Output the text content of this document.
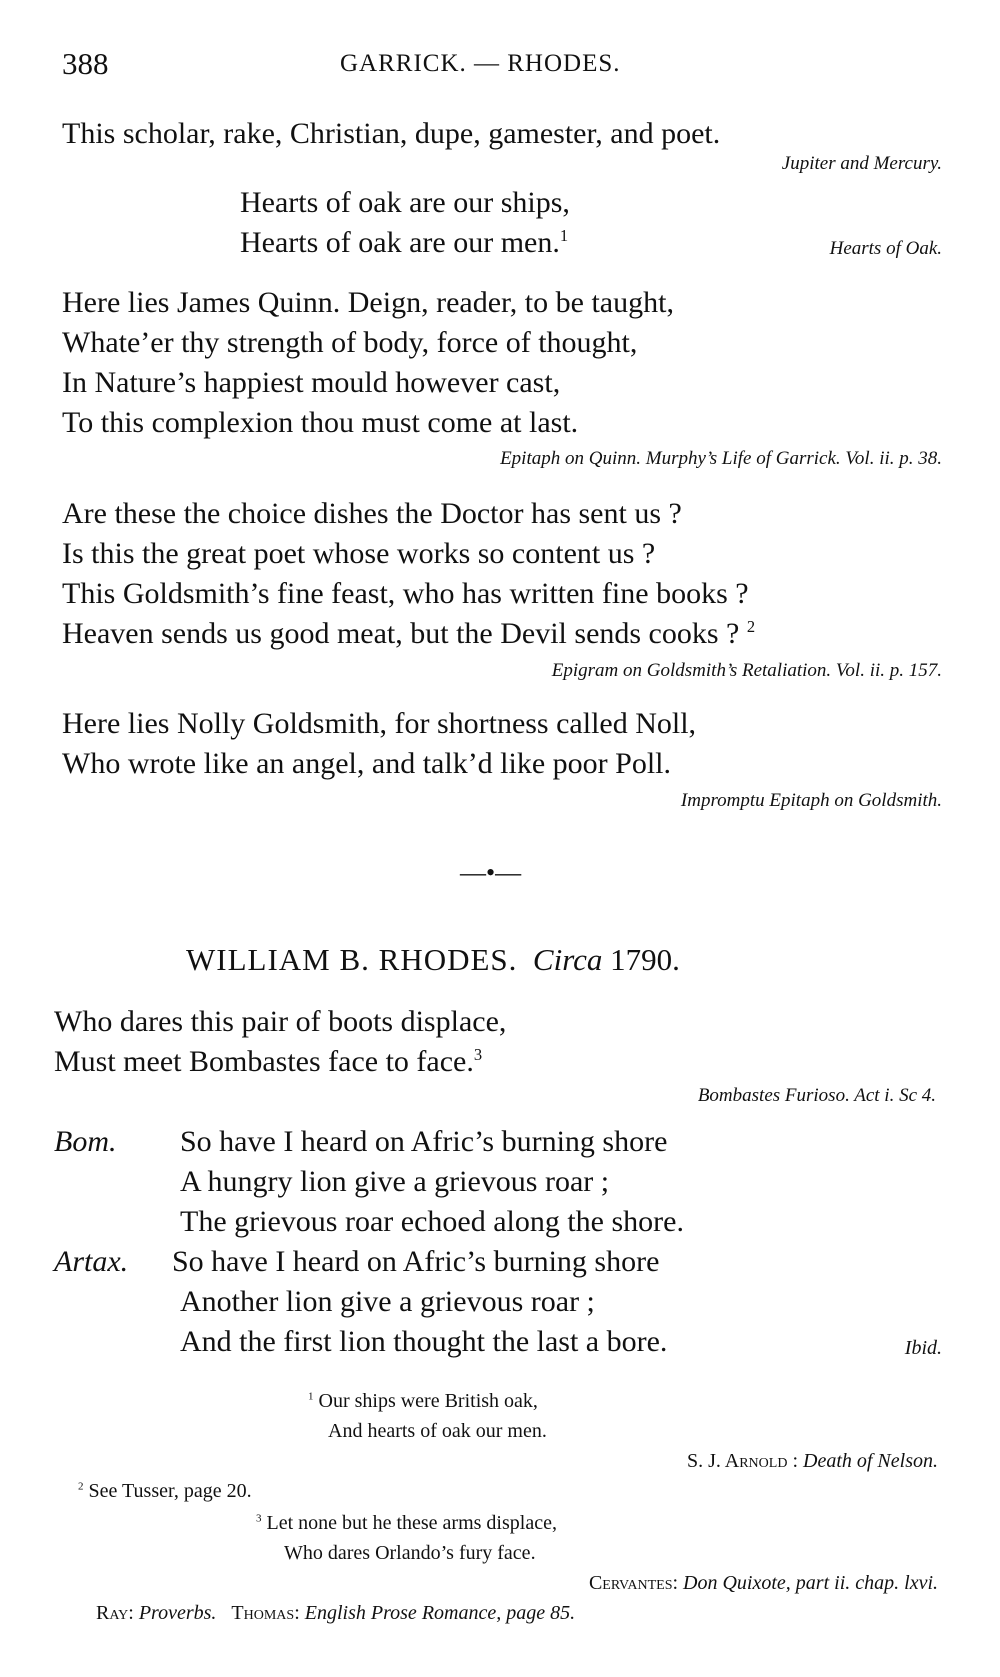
388	GARRICK. — RHODES.
This scholar, rake, Christian, dupe, gamester, and poet.
Jupiter and Mercury.
Hearts of oak are our ships,
Hearts of oak are our men.$^1$
Hearts of Oak.
Here lies James Quinn. Deign, reader, to be taught,
Whate’er thy strength of body, force of thought,
In Nature’s happiest mould however cast,
To this complexion thou must come at last.
Epitaph on Quinn. Murphy’s Life of Garrick. Vol. ii. p. 38.
Are these the choice dishes the Doctor has sent us ?
Is this the great poet whose works so content us ?
This Goldsmith’s fine feast, who has written fine books ?
Heaven sends us good meat, but the Devil sends cooks ? $^2$
Epigram on Goldsmith’s Retaliation. Vol. ii. p. 157.
Here lies Nolly Goldsmith, for shortness called Noll,
Who wrote like an angel, and talk’d like poor Poll.
Impromptu Epitaph on Goldsmith.
—•—
WILLIAM B. RHODES. Circa 1790.
Who dares this pair of boots displace,
Must meet Bombastes face to face.$^3$
Bombastes Furioso. Act i. Sc 4.
Bom. So have I heard on Afric’s burning shore
A hungry lion give a grievous roar ;
The grievous roar echoed along the shore.
Artax. So have I heard on Afric’s burning shore
Another lion give a grievous roar ;
And the first lion thought the last a bore.	Ibid.
$^1$ Our ships were British oak,
And hearts of oak our men.
S. J. Arnold : Death of Nelson.
$^2$ See Tusser, page 20.
$^3$ Let none but he these arms displace,
Who dares Orlando’s fury face.
Cervantes: Don Quixote, part ii. chap. lxvi.
Ray: Proverbs. Thomas: English Prose Romance, page 85.
